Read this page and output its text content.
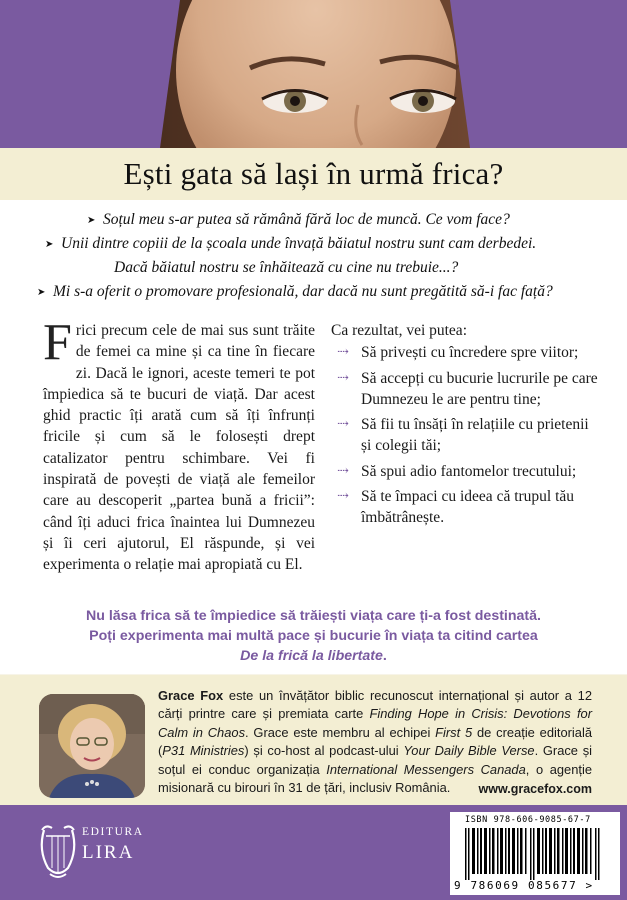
Ești gata să lași în urmă frica?
➤ Soțul meu s-ar putea să rămână fără loc de muncă. Ce vom face?
➤ Unii dintre copiii de la școala unde învață băiatul nostru sunt cam derbedei.
Dacă băiatul nostru se înhăitează cu cine nu trebuie...?
➤ Mi s-a oferit o promovare profesională, dar dacă nu sunt pregătită să-i fac față?
Frici precum cele de mai sus sunt trăite de femei ca mine și ca tine în fiecare zi. Dacă le ignori, aceste temeri te pot împiedica să te bucuri de viață. Dar acest ghid practic îți arată cum să îți înfrunți fricile și cum să le folosești drept catalizator pentru schimbare. Vei fi inspirată de povești de viață ale femeilor care au descoperit „partea bună a fricii”: când îți aduci frica înaintea lui Dumnezeu și îi ceri ajutorul, El răspunde, și vei experimenta o relație mai apropiată cu El.

Ca rezultat, vei putea:

⇢ Să privești cu încredere spre viitor;
⇢ Să accepți cu bucurie lucrurile pe care Dumnezeu le are pentru tine;
⇢ Să fii tu însăți în relațiile cu prietenii și colegii tăi;
⇢ Să spui adio fantomelor trecutului;
⇢ Să te împaci cu ideea că trupul tău îmbătrânește.
Nu lăsa frica să te împiedice să trăiești viața care ți-a fost destinată.
Poți experimenta mai multă pace și bucurie în viața ta citind cartea
De la frică la libertate.
Grace Fox este un învățător biblic recunoscut internațional și autor a 12 cărți printre care și premiata carte Finding Hope in Crisis: Devotions for Calm in Chaos. Grace este membru al echipei First 5 de creație editorială (P31 Ministries) și co-host al podcast-ului Your Daily Bible Verse. Grace și soțul ei conduc organizația International Messengers Canada, o agenție misionară cu birouri în 31 de țări, inclusiv România.	www.gracefox.com
EDITURA
LIRA
ISBN 978-606-9085-67-7
9 786069 085677 >
